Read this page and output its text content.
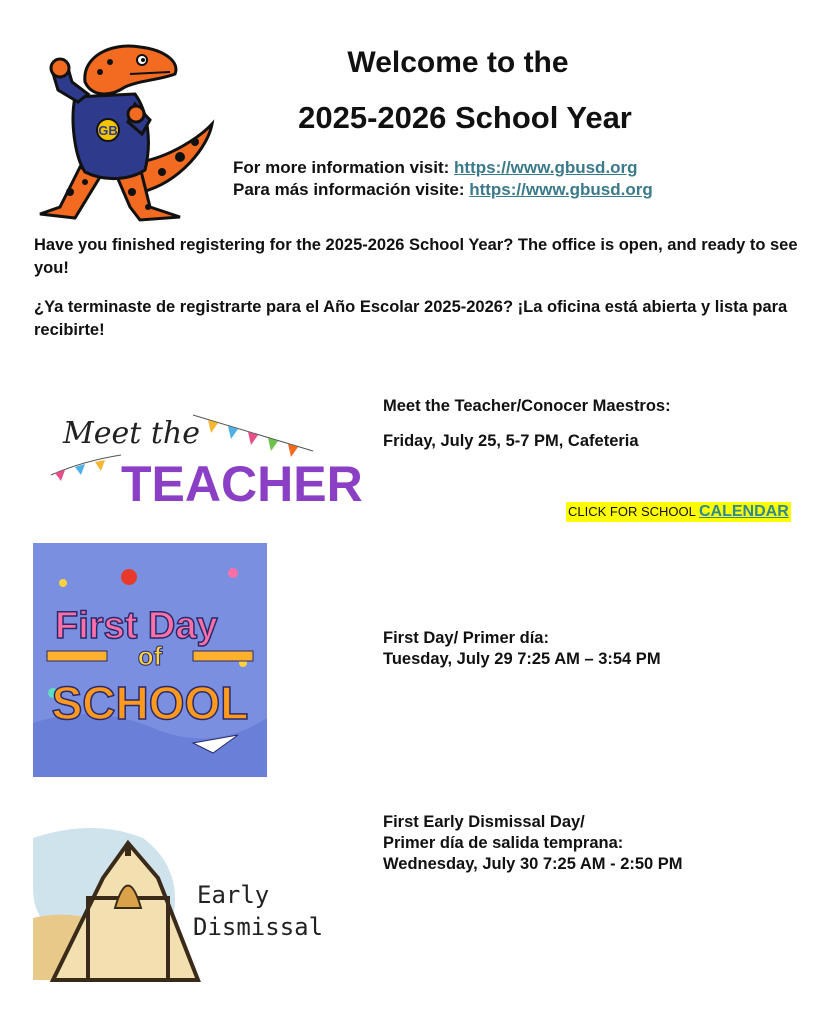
GB
Welcome to the
2025-2026 School Year
For more information visit: https://www.gbusd.org
Para más información visite: https://www.gbusd.org
Have you finished registering for the 2025-2026 School Year? The office is open, and ready to see you!
¿Ya terminaste de registrarte para el Año Escolar 2025-2026? ¡La oficina está abierta y lista para recibirte!
Meet the
TEACHER
Meet the Teacher/Conocer Maestros:
Friday, July 25, 5-7 PM, Cafeteria
CLICK FOR SCHOOL CALENDAR
First Day
of
SCHOOL
First Day/ Primer día:
Tuesday, July 29 7:25 AM – 3:54 PM
Early
Dismissal
First Early Dismissal Day/
Primer día de salida temprana:
Wednesday, July 30 7:25 AM - 2:50 PM
